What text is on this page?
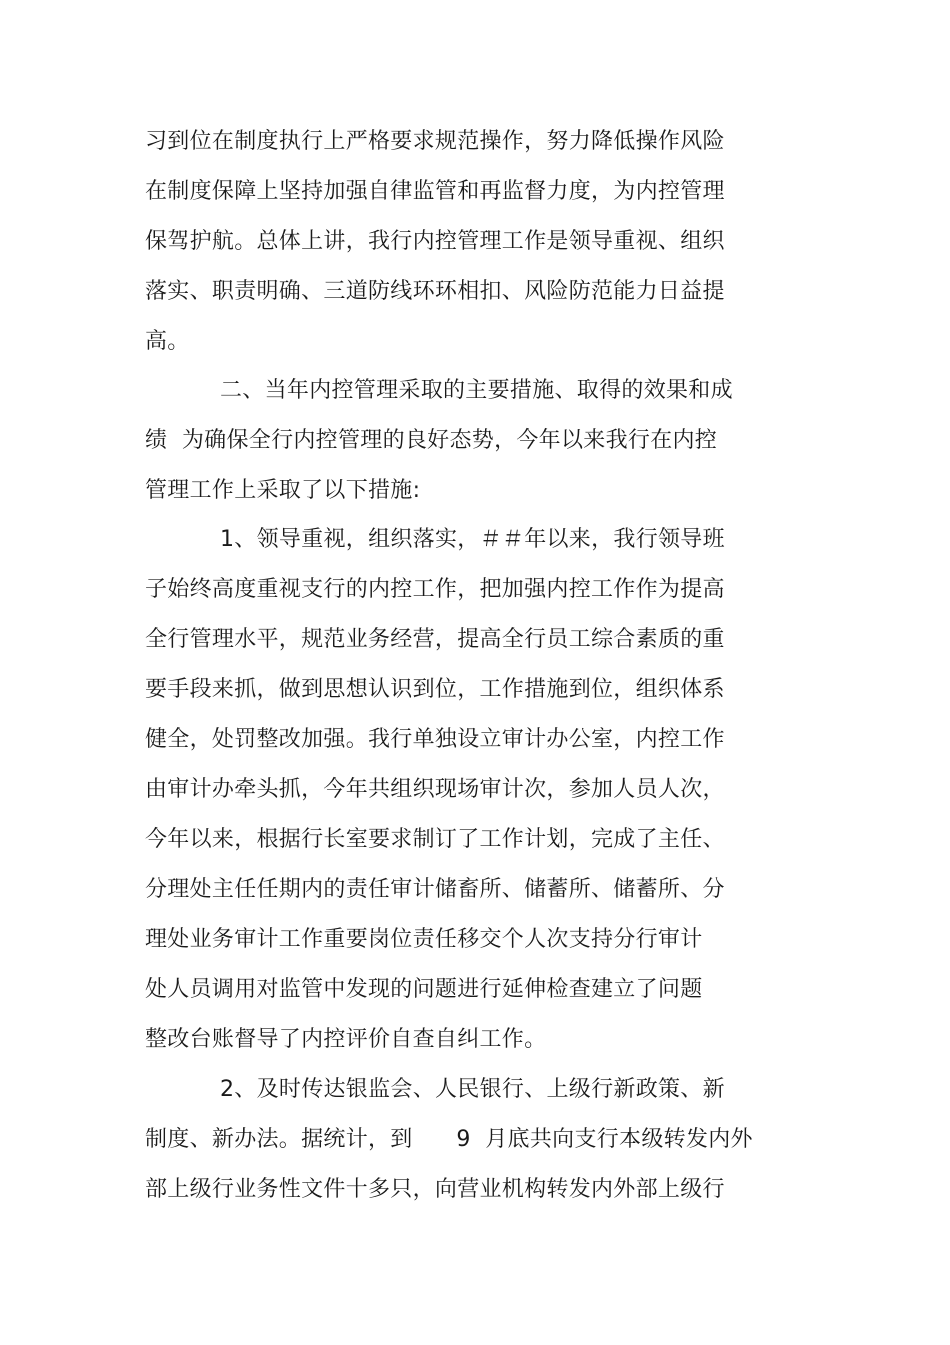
习到位在制度执行上严格要求规范操作，努力降低操作风险

在制度保障上坚持加强自律监管和再监督力度，为内控管理

保驾护航。总体上讲，我行内控管理工作是领导重视、组织

落实、职责明确、三道防线环环相扣、风险防范能力日益提

高。

二、当年内控管理采取的主要措施、取得的效果和成

绩  为确保全行内控管理的良好态势，今年以来我行在内控

管理工作上采取了以下措施:

1、领导重视，组织落实，＃＃年以来，我行领导班

子始终高度重视支行的内控工作，把加强内控工作作为提高

全行管理水平，规范业务经营，提高全行员工综合素质的重

要手段来抓，做到思想认识到位，工作措施到位，组织体系

健全，处罚整改加强。我行单独设立审计办公室，内控工作

由审计办牵头抓，今年共组织现场审计次，参加人员人次，

今年以来，根据行长室要求制订了工作计划，完成了主任、

分理处主任任期内的责任审计储畜所、储蓄所、储蓄所、分

理处业务审计工作重要岗位责任移交个人次支持分行审计

处人员调用对监管中发现的问题进行延伸检查建立了问题

整改台账督导了内控评价自查自纠工作。

2、及时传达银监会、人民银行、上级行新政策、新

制度、新办法。据统计，到      9  月底共向支行本级转发内外

部上级行业务性文件十多只，向营业机构转发内外部上级行
